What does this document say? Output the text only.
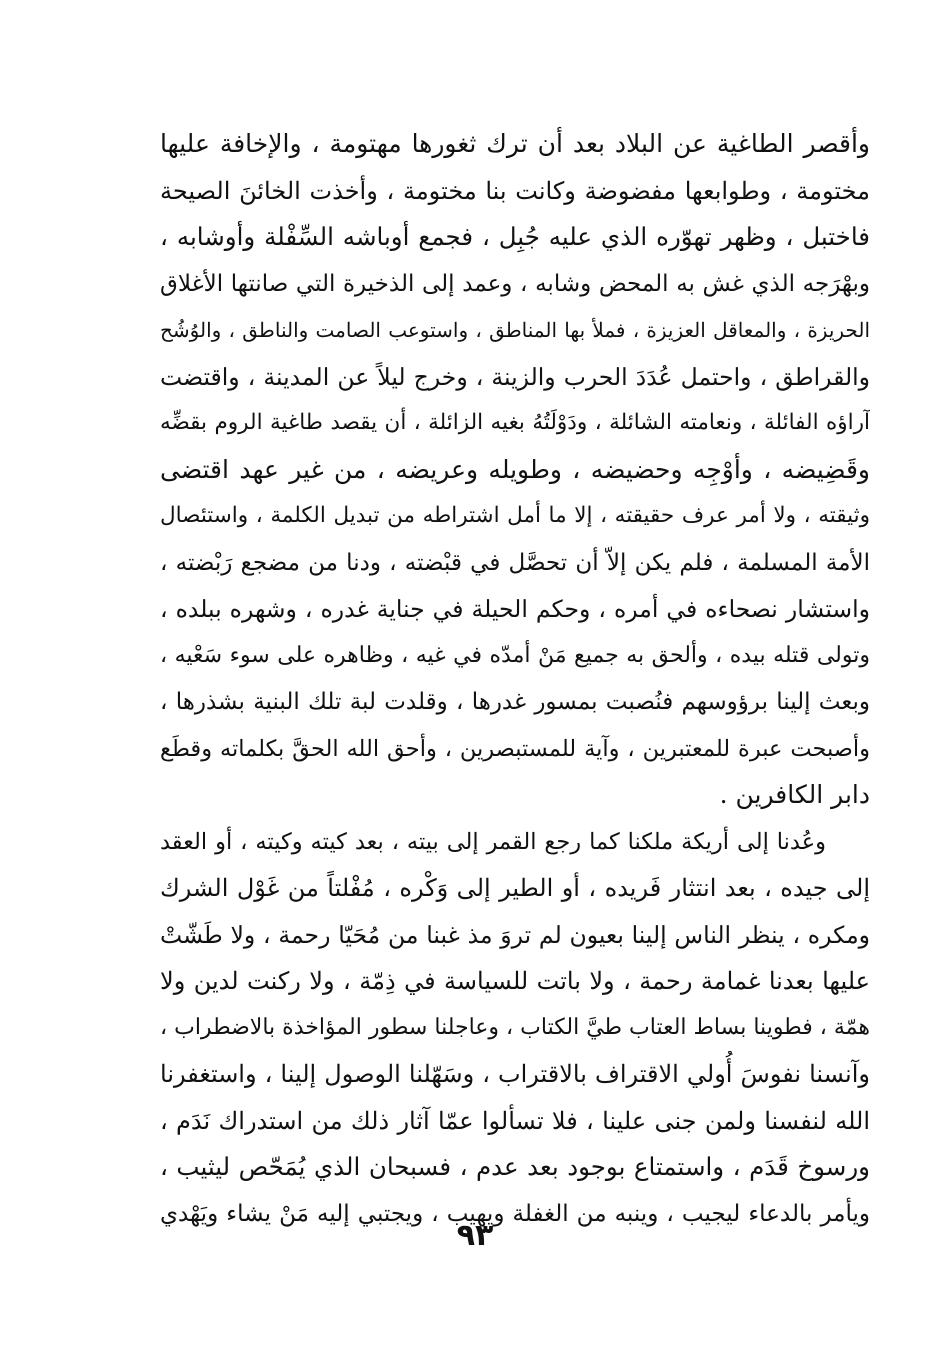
وأقصر الطاغية عن البلاد بعد أن ترك ثغورها مهتومة ، والإخافة عليها
مختومة ، وطوابعها مفضوضة وكانت بنا مختومة ، وأخذت الخائنَ الصيحة
فاختبل ، وظهر تهوّره الذي عليه جُبِل ، فجمع أوباشه السِّفْلة وأوشابه ،
وبهْرَجه الذي غش به المحض وشابه ، وعمد إلى الذخيرة التي صانتها الأغلاق
الحريزة ، والمعاقل العزيزة ، فملأ بها المناطق ، واستوعب الصامت والناطق ، والوُشُح
والقراطق ، واحتمل عُدَدَ الحرب والزينة ، وخرج ليلاً عن المدينة ، واقتضت
آراؤه الفائلة ، ونعامته الشائلة ، ودَوْلَتُهُ بغيه الزائلة ، أن يقصد طاغية الروم بقضِّه
وقَضِيضه ، وأوْجِه وحضيضه ، وطويله وعريضه ، من غير عهد اقتضى
وثيقته ، ولا أمر عرف حقيقته ، إلا ما أمل اشتراطه من تبديل الكلمة ، واستئصال
الأمة المسلمة ، فلم يكن إلاّ أن تحصَّل في قبْضته ، ودنا من مضجع رَبْضته ،
واستشار نصحاءه في أمره ، وحكم الحيلة في جناية غدره ، وشهره ببلده ،
وتولى قتله بيده ، وألحق به جميع مَنْ أمدّه في غيه ، وظاهره على سوء سَعْيه ،
وبعث إلينا برؤوسهم فنُصبت بمسور غدرها ، وقلدت لبة تلك البنية بشذرها ،
وأصبحت عبرة للمعتبرين ، وآية للمستبصرين ، وأحق الله الحقَّ بكلماته وقطَع
دابر الكافرين .
وعُدنا إلى أريكة ملكنا كما رجع القمر إلى بيته ، بعد كيته وكيته ، أو العقد
إلى جيده ، بعد انتثار فَريده ، أو الطير إلى وَكْره ، مُفْلتاً من غَوْل الشرك
ومكره ، ينظر الناس إلينا بعيون لم تروَ مذ غبنا من مُحَيّا رحمة ، ولا طَشّتْ
عليها بعدنا غمامة رحمة ، ولا باتت للسياسة في ذِمّة ، ولا ركنت لدين ولا
همّة ، فطوينا بساط العتاب طيَّ الكتاب ، وعاجلنا سطور المؤاخذة بالاضطراب ،
وآنسنا نفوسَ أُولي الاقتراف بالاقتراب ، وسَهّلنا الوصول إلينا ، واستغفرنا
الله لنفسنا ولمن جنى علينا ، فلا تسألوا عمّا آثار ذلك من استدراك نَدَم ،
ورسوخ قَدَم ، واستمتاع بوجود بعد عدم ، فسبحان الذي يُمَحّص ليثيب ،
ويأمر بالدعاء ليجيب ، وينبه من الغفلة ويهيب ، ويجتبي إليه مَنْ يشاء ويَهْدي
٩٣
